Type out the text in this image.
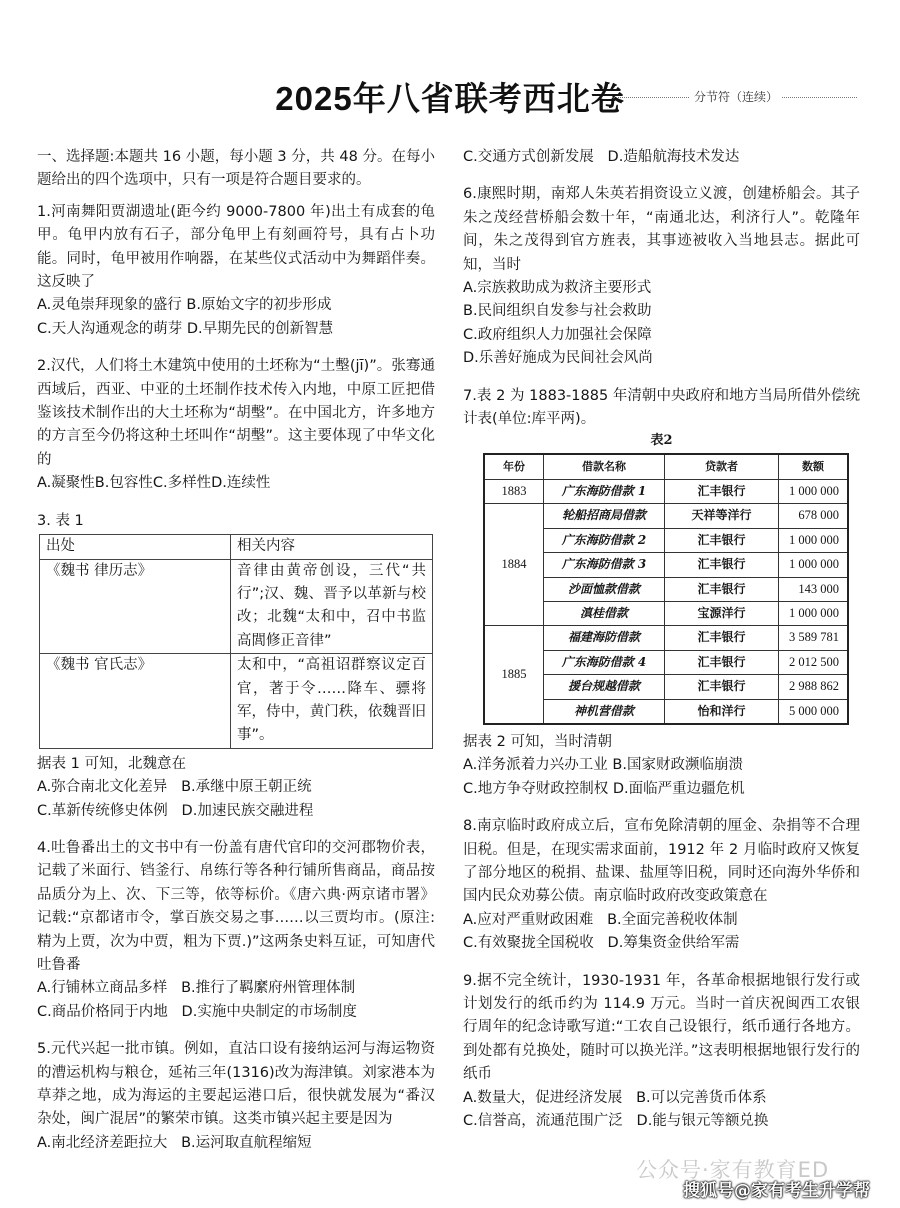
2025年八省联考西北卷	分节符（连续）

一、选择题:本题共 16 小题，每小题 3 分，共 48 分。在每小题给出的四个选项中，只有一项是符合题目要求的。

1.河南舞阳贾湖遗址(距今约 9000-7800 年)出土有成套的龟甲。龟甲内放有石子，部分龟甲上有刻画符号，具有占卜功能。同时，龟甲被用作响器，在某些仪式活动中为舞蹈伴奏。这反映了

A.灵龟崇拜现象的盛行 B.原始文字的初步形成

C.天人沟通观念的萌芽 D.早期先民的创新智慧

2.汉代，人们将土木建筑中使用的土坯称为“土墼(jī)”。张骞通西域后，西亚、中亚的土坯制作技术传入内地，中原工匠把借鉴该技术制作出的大土坯称为“胡墼”。在中国北方，许多地方的方言至今仍将这种土坯叫作“胡墼”。这主要体现了中华文化的

A.凝聚性B.包容性C.多样性D.连续性

3. 表 1

出处	相关内容
《魏书 律历志》	音律由黄帝创设，三代“共行”;汉、魏、晋予以革新与校改；北魏“太和中，召中书监高閭修正音律”
《魏书 官氏志》	太和中，“高祖诏群察议定百官，著于令……降车、骠将军，侍中，黄门秩，依魏晋旧事”。

据表 1 可知，北魏意在

A.弥合南北文化差异   B.承继中原王朝正统

C.革新传统修史体例   D.加速民族交融进程

4.吐鲁番出土的文书中有一份盖有唐代官印的交河郡物价表，记载了米面行、铛釜行、帛练行等各种行铺所售商品，商品按品质分为上、次、下三等，依等标价。《唐六典·两京诸市署》记载:“京都诸市令，掌百族交易之事……以三贾均市。(原注:精为上贾，次为中贾，粗为下贾.)”这两条史料互证，可知唐代吐鲁番

A.行铺林立商品多样   B.推行了羁縻府州管理体制

C.商品价格同于内地   D.实施中央制定的市场制度

5.元代兴起一批市镇。例如，直沽口设有接纳运河与海运物资的漕运机构与粮仓，延祐三年(1316)改为海津镇。刘家港本为草莽之地，成为海运的主要起运港口后，很快就发展为“番汉杂处，闽广混居”的繁荣市镇。这类市镇兴起主要是因为

A.南北经济差距拉大   B.运河取直航程缩短

C.交通方式创新发展   D.造船航海技术发达

6.康熙时期，南郑人朱英若捐资设立义渡，创建桥船会。其子朱之茂经营桥船会数十年，“南通北达，利济行人”。乾隆年间，朱之茂得到官方旌表，其事迹被收入当地县志。据此可知，当时

A.宗族救助成为救济主要形式

B.民间组织自发参与社会救助

C.政府组织人力加强社会保障

D.乐善好施成为民间社会风尚

7.表 2 为 1883-1885 年清朝中央政府和地方当局所借外偿统计表(单位:库平两)。

表2

年份	借款名称	贷款者	数额
1883	广东海防借款 1	汇丰银行	1 000 000
1884	轮船招商局借款	天祥等洋行	678 000
	广东海防借款 2	汇丰银行	1 000 000
	广东海防借款 3	汇丰银行	1 000 000
	沙面恤款借款	汇丰银行	143 000
	滇桂借款	宝源洋行	1 000 000
1885	福建海防借款	汇丰银行	3 589 781
	广东海防借款 4	汇丰银行	2 012 500
	援台规越借款	汇丰银行	2 988 862
	神机营借款	怡和洋行	5 000 000

据表 2 可知，当时清朝

A.洋务派着力兴办工业 B.国家财政濒临崩溃

C.地方争夺财政控制权 D.面临严重边疆危机

8.南京临时政府成立后，宣布免除清朝的厘金、杂捐等不合理旧税。但是，在现实需求面前，1912 年 2 月临时政府又恢复了部分地区的税捐、盐课、盐厘等旧税，同时还向海外华侨和国内民众劝募公债。南京临时政府改变政策意在

A.应对严重财政困难   B.全面完善税收体制

C.有效聚拢全国税收   D.筹集资金供给军需

9.据不完全统计，1930-1931 年，各革命根据地银行发行或计划发行的纸币约为 114.9 万元。当时一首庆祝闽西工农银行周年的纪念诗歌写道:“工农自己设银行，纸币通行各地方。到处都有兑换处，随时可以换光洋。”这表明根据地银行发行的纸币

A.数量大，促进经济发展   B.可以完善货币体系

C.信誉高，流通范围广泛   D.能与银元等额兑换

公众号·家有教育ED
搜狐号@家有考生升学帮
